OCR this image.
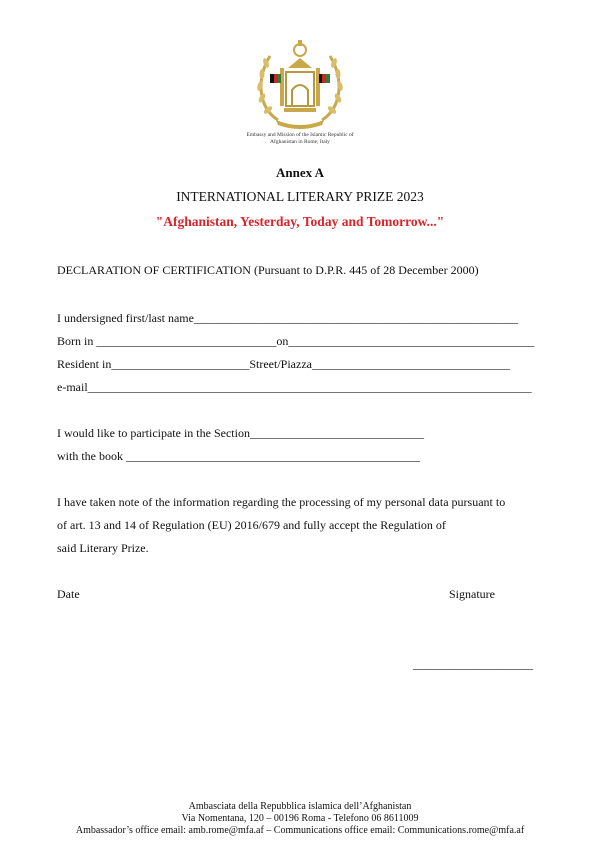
Embassy and Mission of the Islamic Republic of
Afghanistan in Rome, Italy
Annex A
INTERNATIONAL LITERARY PRIZE 2023
"Afghanistan, Yesterday, Today and Tomorrow..."
DECLARATION OF CERTIFICATION (Pursuant to D.P.R. 445 of 28 December 2000)
I undersigned first/last name______________________________________________________
Born in ______________________________on_________________________________________
Resident in_______________________Street/Piazza_________________________________
e-mail__________________________________________________________________________
I would like to participate in the Section_____________________________
with the book _________________________________________________
I have taken note of the information regarding the processing of my personal data pursuant to
of art. 13 and 14 of Regulation (EU) 2016/679 and fully accept the Regulation of
said Literary Prize.
Date	Signature
____________________
Ambasciata della Repubblica islamica dell’Afghanistan
Via Nomentana, 120 – 00196 Roma - Telefono 06 8611009
Ambassador’s office email: amb.rome@mfa.af – Communications office email: Communications.rome@mfa.af
